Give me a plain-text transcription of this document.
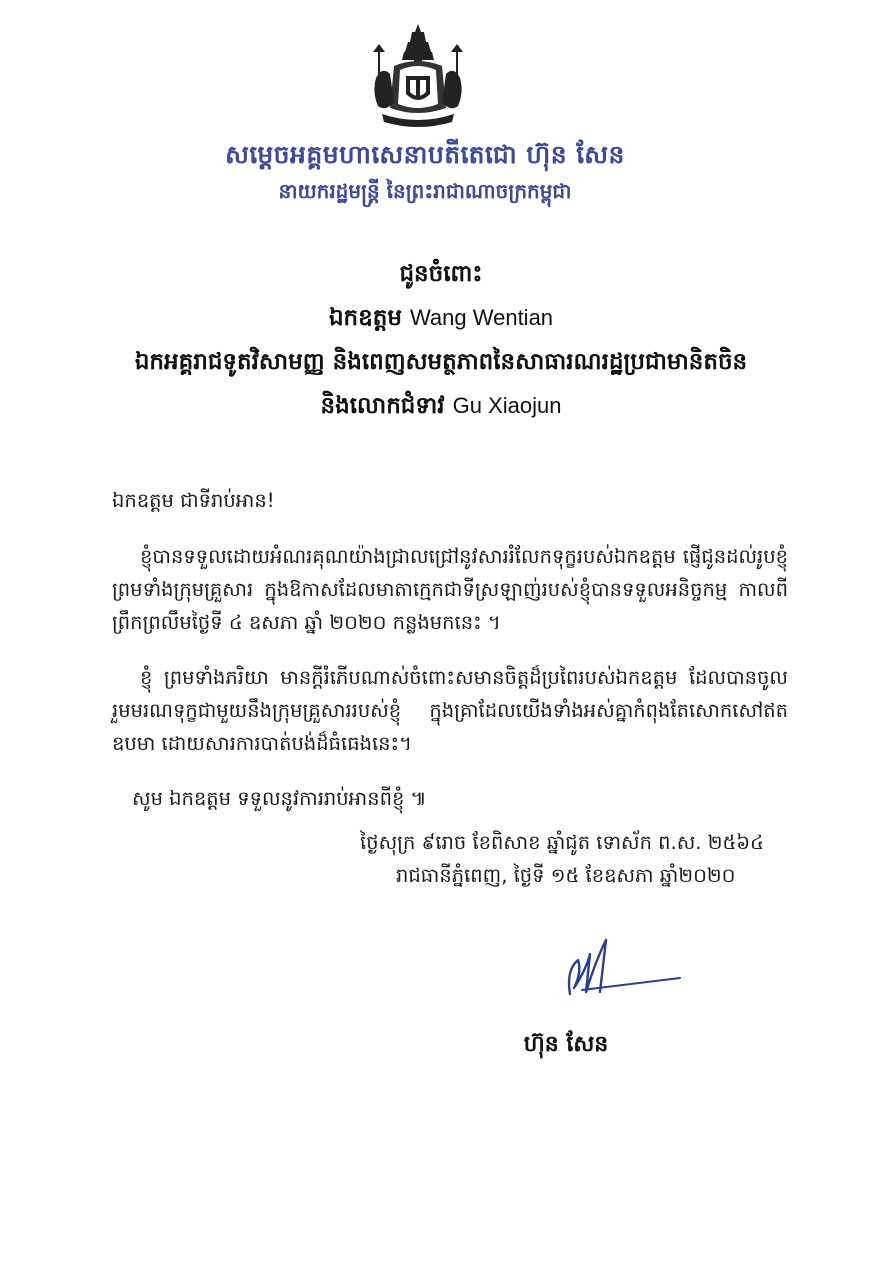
សម្តេចអគ្គមហាសេនាបតីតេជោ ហ៊ុន សែន
នាយករដ្ឋមន្ត្រី នៃព្រះរាជាណាចក្រកម្ពុជា
ជូនចំពោះ
ឯកឧត្តម Wang Wentian
ឯកអគ្គរាជទូតវិសាមញ្ញ និងពេញសមត្ថភាពនៃសាធារណរដ្ឋប្រជាមានិតចិន
និងលោកជំទាវ Gu Xiaojun
ឯកឧត្តម ជាទីរាប់អាន!
ខ្ញុំបានទទួលដោយអំណរគុណយ៉ាងជ្រាលជ្រៅនូវសាររំលែកទុក្ខរបស់ឯកឧត្តម ផ្ញើជូនដល់រូបខ្ញុំ ព្រមទាំងក្រុមគ្រួសារ ក្នុងឱកាសដែលមាតាក្មេកជាទីស្រឡាញ់របស់ខ្ញុំបានទទួលអនិច្ចកម្ម កាលពីព្រឹកព្រលឹមថ្ងៃទី ៤ ឧសភា ឆ្នាំ ២០២០ កន្លងមកនេះ ។
ខ្ញុំ ព្រមទាំងភរិយា មានក្តីរំភើបណាស់ចំពោះសមានចិត្តដ៏ប្រពៃរបស់ឯកឧត្តម ដែលបានចូលរួមមរណទុក្ខជាមួយនឹងក្រុមគ្រួសាររបស់ខ្ញុំ ក្នុងគ្រាដែលយើងទាំងអស់គ្នាកំពុងតែសោកសៅឥតឧបមា ដោយសារការបាត់បង់ដ៏ធំធេងនេះ។
សូម ឯកឧត្តម ទទួលនូវការរាប់អានពីខ្ញុំ ៕
ថ្ងៃសុក្រ ៩រោច ខែពិសាខ ឆ្នាំជូត ទោស័ក ព.ស. ២៥៦៤
រាជធានីភ្នំពេញ, ថ្ងៃទី ១៥ ខែឧសភា ឆ្នាំ២០២០
ហ៊ុន សែន
